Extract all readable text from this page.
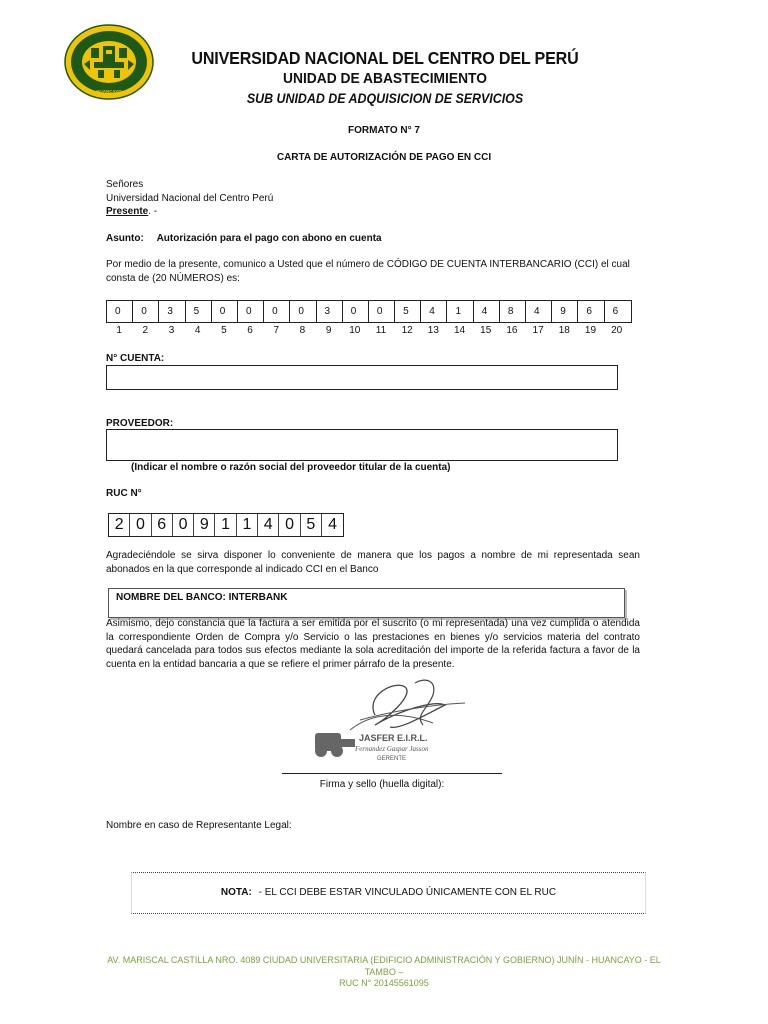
HUANCAYO
UNIVERSIDAD NACIONAL DEL CENTRO DEL PERÚ
UNIDAD DE ABASTECIMIENTO
SUB UNIDAD DE ADQUISICION DE SERVICIOS
FORMATO N° 7
CARTA DE AUTORIZACIÓN DE PAGO EN CCI
Señores
Universidad Nacional del Centro Perú
Presente. -
Asunto: Autorización para el pago con abono en cuenta
Por medio de la presente, comunico a Usted que el número de CÓDIGO DE CUENTA INTERBANCARIO (CCI) el cual consta de (20 NÚMEROS) es:
0	0	3	5	0	0	0	0	3	0	0	5	4	1	4	8	4	9	6	6
1	2	3	4	5	6	7	8	9	10	11	12	13	14	15	16	17	18	19	20
N° CUENTA:
PROVEEDOR:
(Indicar el nombre o razón social del proveedor titular de la cuenta)
RUC N°
2 0 6 0 9 1 1 4 0 5 4
Agradeciéndole se sirva disponer lo conveniente de manera que los pagos a nombre de mi representada sean abonados en la que corresponde al indicado CCI en el Banco
NOMBRE DEL BANCO: INTERBANK
Asimismo, dejo constancia que la factura a ser emitida por el suscrito (o mi representada) una vez cumplida o atendida la correspondiente Orden de Compra y/o Servicio o las prestaciones en bienes y/o servicios materia del contrato quedará cancelada para todos sus efectos mediante la sola acreditación del importe de la referida factura a favor de la cuenta en la entidad bancaria a que se refiere el primer párrafo de la presente.
JASFER E.I.R.L.
Fernandez Gaspar Jasson
GERENTE
Firma y sello (huella digital):
Nombre en caso de Representante Legal:
NOTA: - EL CCI DEBE ESTAR VINCULADO ÚNICAMENTE CON EL RUC
AV. MARISCAL CASTILLA NRO. 4089 CIUDAD UNIVERSITARIA (EDIFICIO ADMINISTRACIÓN Y GOBIERNO) JUNÍN - HUANCAYO - EL TAMBO –
RUC N° 20145561095
